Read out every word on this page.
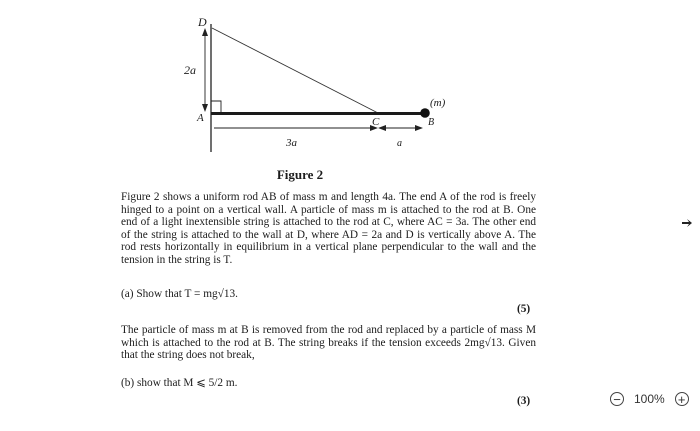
D
2a
A	C	B
(m)
3a	a
Figure 2
Figure 2 shows a uniform rod AB of mass m and length 4a. The end A of the rod is freely hinged to a point on a vertical wall. A particle of mass m is attached to the rod at B. One end of a light inextensible string is attached to the rod at C, where AC = 3a. The other end of the string is attached to the wall at D, where AD = 2a and D is vertically above A. The rod rests horizontally in equilibrium in a vertical plane perpendicular to the wall and the tension in the string is T.
(a) Show that T = mg√13.
(5)
The particle of mass m at B is removed from the rod and replaced by a particle of mass M which is attached to the rod at B. The string breaks if the tension exceeds 2mg√13. Given that the string does not break,
(b) show that M ⩽ 5/2 m.
(3)	−	100%	+
